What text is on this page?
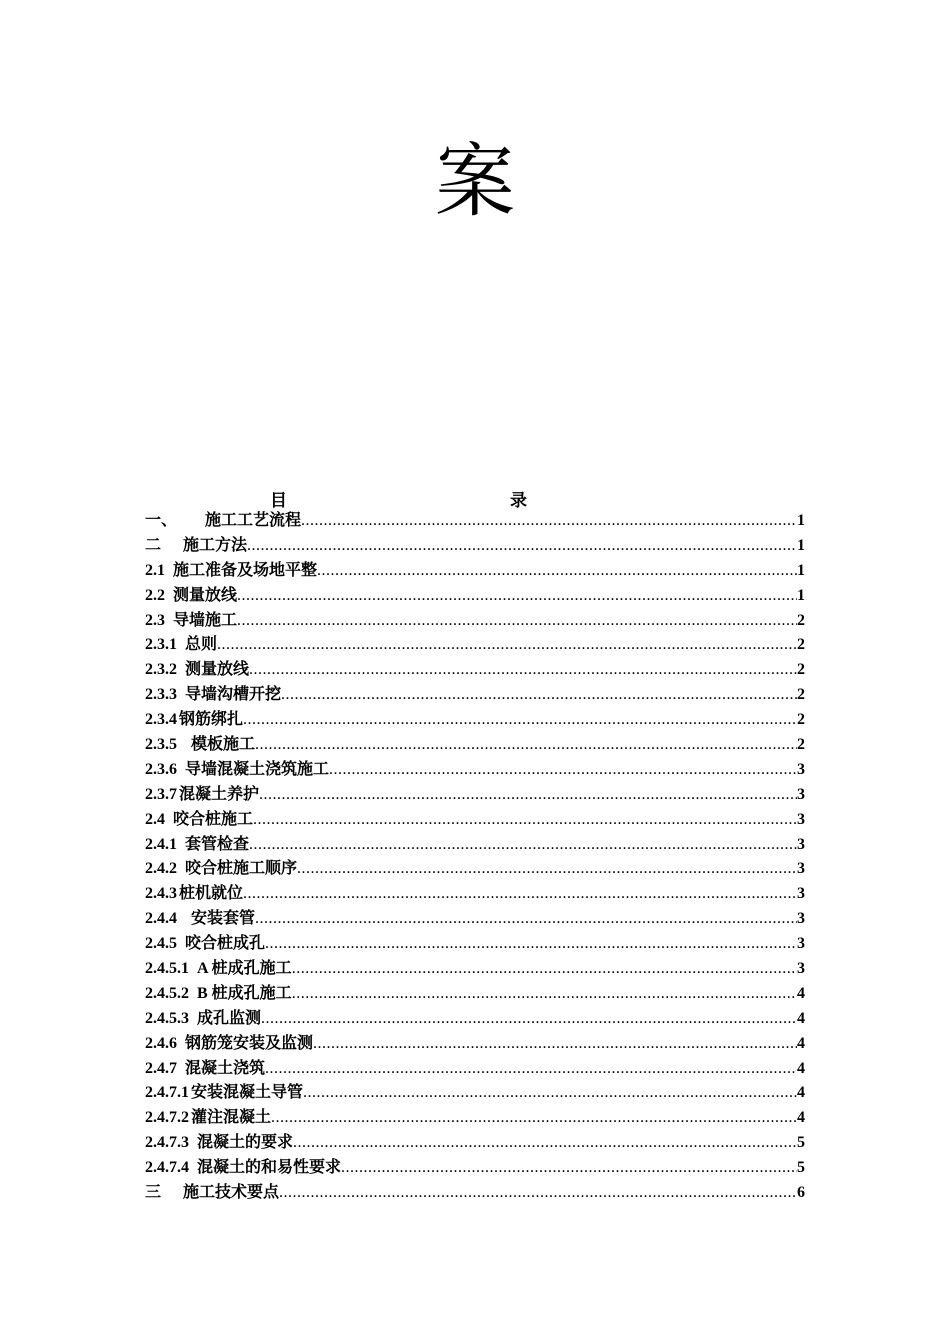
案
目	录
一、 施工工艺流程 .....	1
二 施工方法 .....	1
2.1 施工准备及场地平整 .....	1
2.2 测量放线 .....	1
2.3 导墙施工 .....	2
2.3.1 总则 .....	2
2.3.2 测量放线 .....	2
2.3.3 导墙沟槽开挖 .....	2
2.3.4 钢筋绑扎 .....	2
2.3.5 模板施工 .....	2
2.3.6 导墙混凝土浇筑施工 .....	3
2.3.7 混凝土养护 .....	3
2.4 咬合桩施工 .....	3
2.4.1 套管检查 .....	3
2.4.2 咬合桩施工顺序 .....	3
2.4.3 桩机就位 .....	3
2.4.4 安装套管 .....	3
2.4.5 咬合桩成孔 .....	3
2.4.5.1 A 桩成孔施工 .....	3
2.4.5.2 B 桩成孔施工 .....	4
2.4.5.3 成孔监测 .....	4
2.4.6 钢筋笼安装及监测 .....	4
2.4.7 混凝土浇筑 .....	4
2.4.7.1 安装混凝土导管 .....	4
2.4.7.2 灌注混凝土 .....	4
2.4.7.3 混凝土的要求 .....	5
2.4.7.4 混凝土的和易性要求 .....	5
三 施工技术要点 .....	6
